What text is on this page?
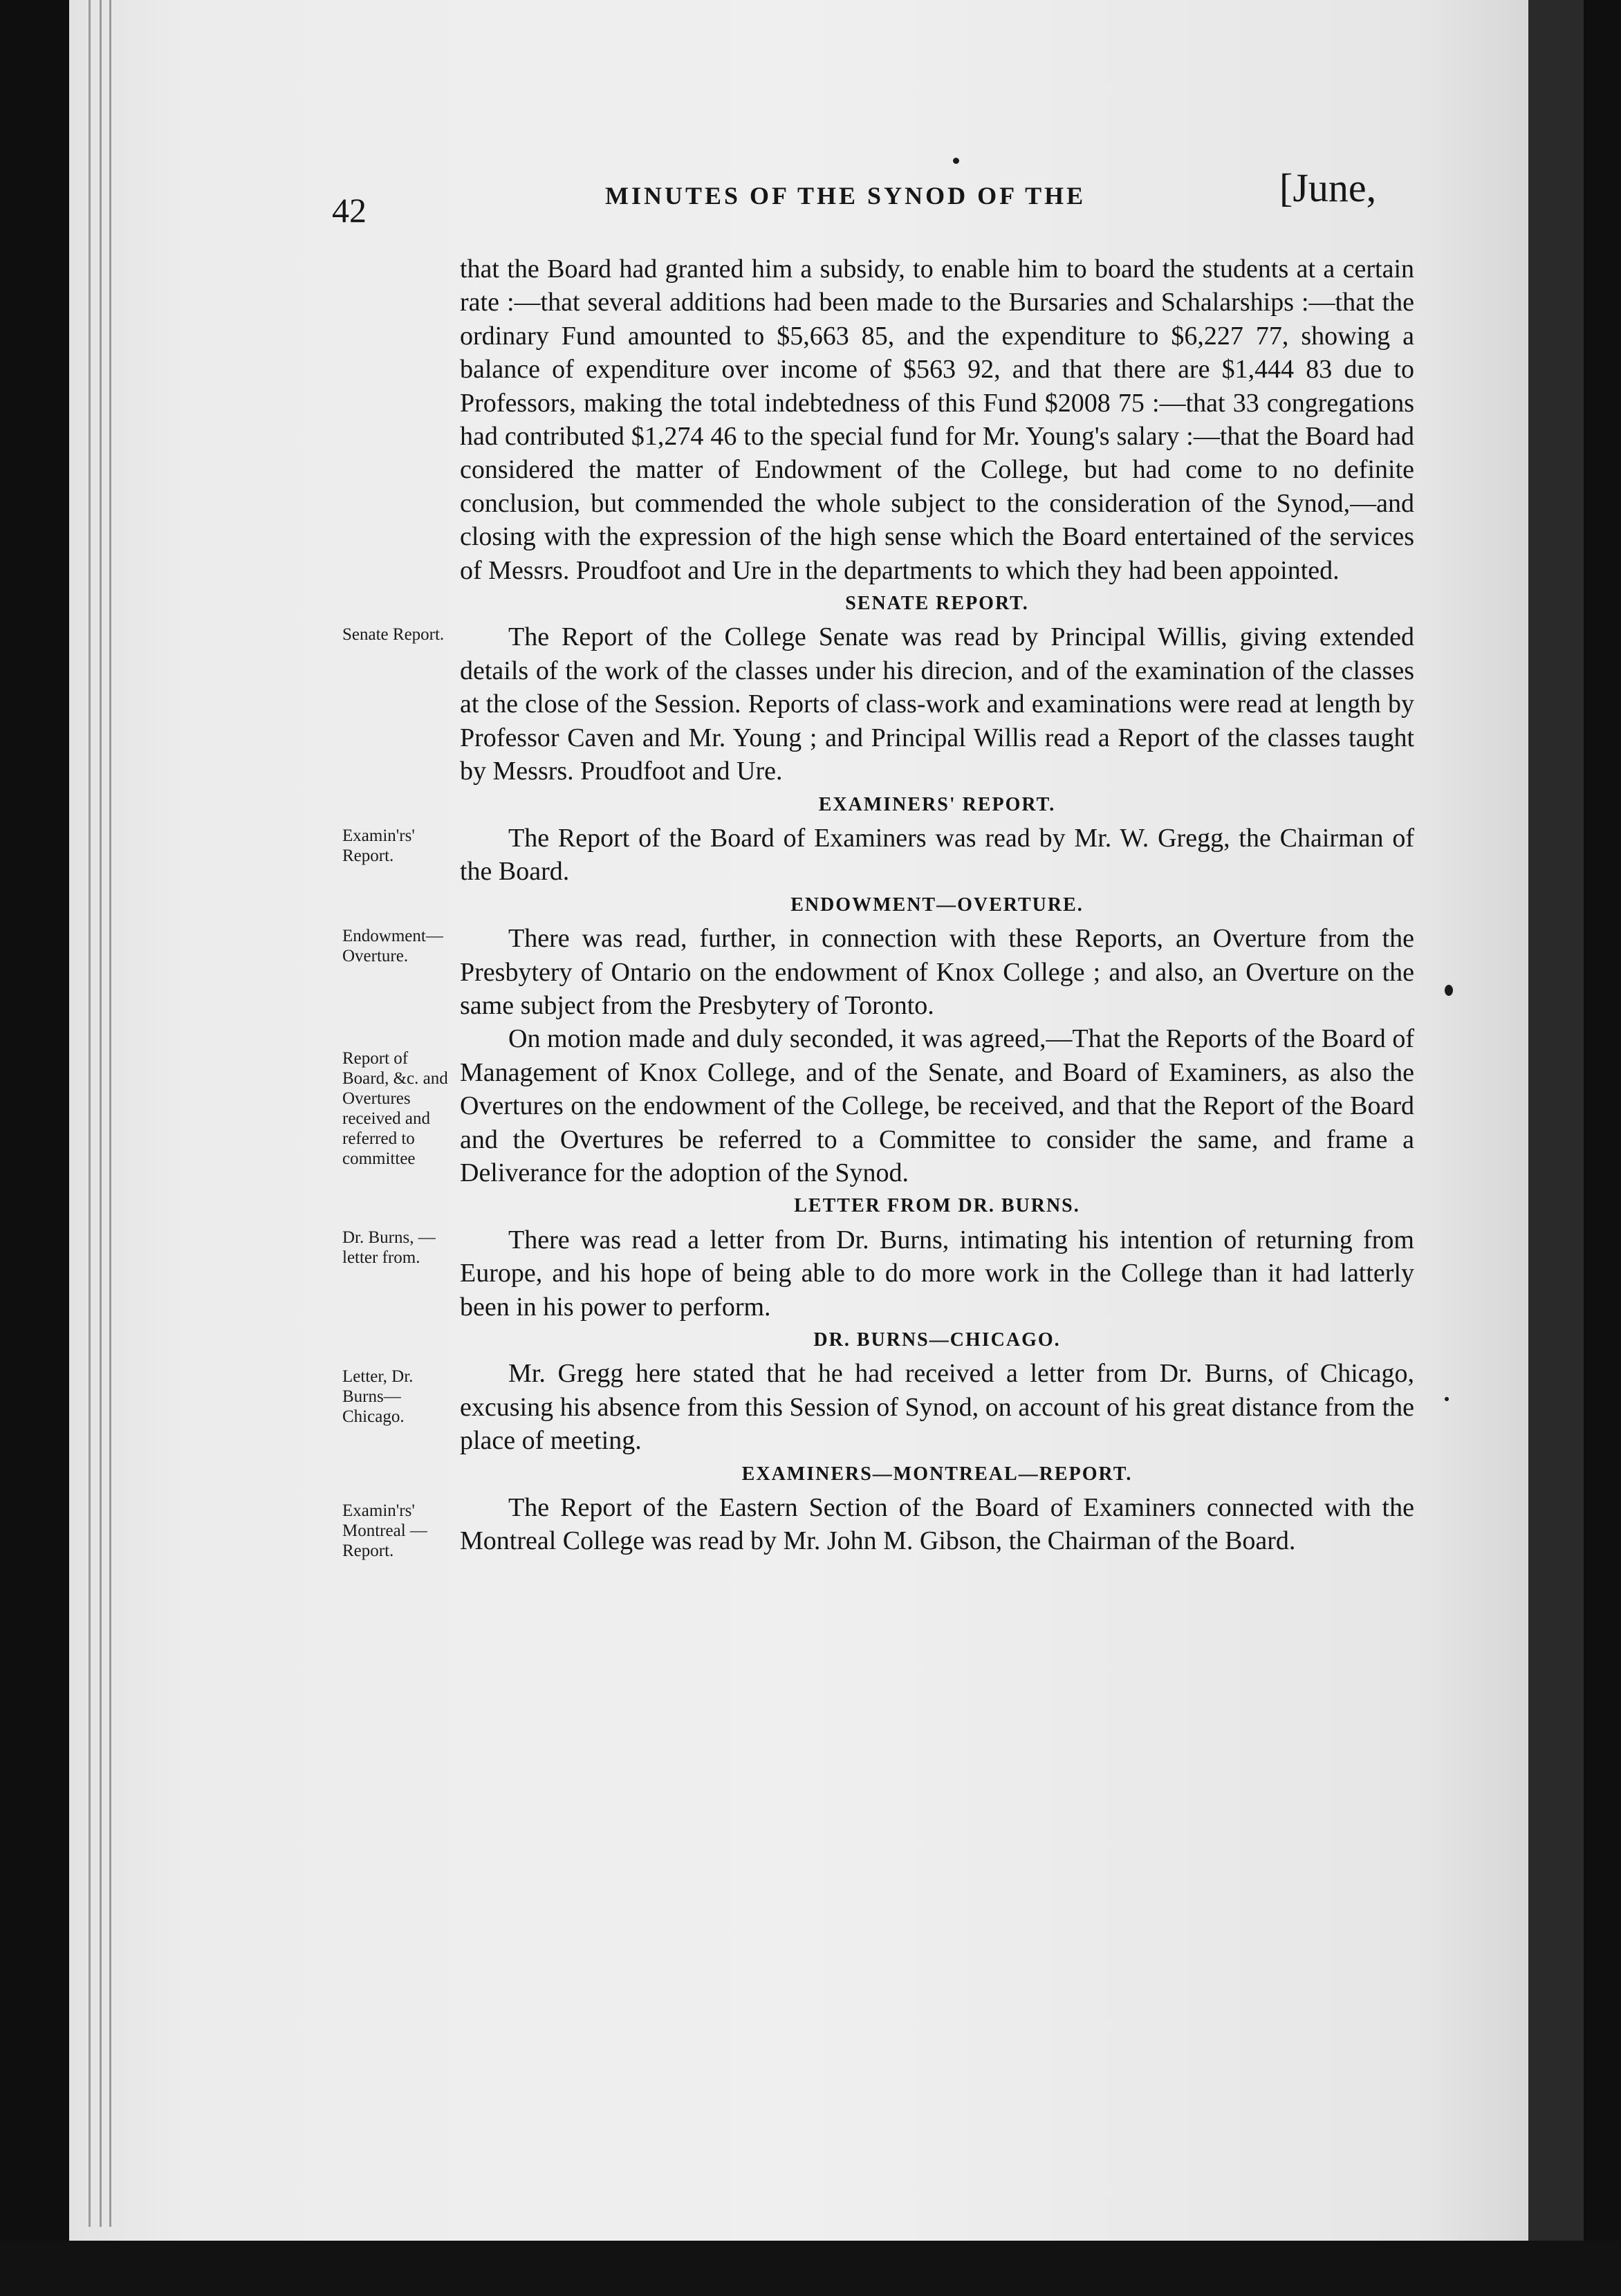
42	MINUTES OF THE SYNOD OF THE	[June,

that the Board had granted him a subsidy, to enable him to board the students at a certain rate :—that several additions had been made to the Bursaries and Schalarships :—that the ordinary Fund amounted to $5,663 85, and the expenditure to $6,227 77, showing a balance of expenditure over income of $563 92, and that there are $1,444 83 due to Professors, making the total indebtedness of this Fund $2008 75 :—that 33 congregations had contributed $1,274 46 to the special fund for Mr. Young's salary :—that the Board had considered the matter of Endowment of the College, but had come to no definite conclusion, but commended the whole subject to the consideration of the Synod,—and closing with the expression of the high sense which the Board entertained of the services of Messrs. Proudfoot and Ure in the departments to which they had been appointed.

SENATE REPORT.

Senate Report.	The Report of the College Senate was read by Principal Willis, giving extended details of the work of the classes under his direcion, and of the examination of the classes at the close of the Session. Reports of class-work and examinations were read at length by Professor Caven and Mr. Young ; and Principal Willis read a Report of the classes taught by Messrs. Proudfoot and Ure.

EXAMINERS' REPORT.

Examin'rs' Report.

The Report of the Board of Examiners was read by Mr. W. Gregg, the Chairman of the Board.

ENDOWMENT—OVERTURE.

Endowment— Overture.

There was read, further, in connection with these Reports, an Overture from the Presbytery of Ontario on the endowment of Knox College ; and also, an Overture on the same subject from the Presbytery of Toronto.

Report of Board, &c. and Overtures received and referred to committee

On motion made and duly seconded, it was agreed,—That the Reports of the Board of Management of Knox College, and of the Senate, and Board of Examiners, as also the Overtures on the endowment of the College, be received, and that the Report of the Board and the Overtures be referred to a Committee to consider the same, and frame a Deliverance for the adoption of the Synod.

LETTER FROM DR. BURNS.

Dr. Burns, —letter from.

There was read a letter from Dr. Burns, intimating his intention of returning from Europe, and his hope of being able to do more work in the College than it had latterly been in his power to perform.

DR. BURNS—CHICAGO.

Letter, Dr. Burns— Chicago.

Mr. Gregg here stated that he had received a letter from Dr. Burns, of Chicago, excusing his absence from this Session of Synod, on account of his great distance from the place of meeting.

EXAMINERS—MONTREAL—REPORT.

Examin'rs' Montreal —Report.

The Report of the Eastern Section of the Board of Examiners connected with the Montreal College was read by Mr. John M. Gibson, the Chairman of the Board.
